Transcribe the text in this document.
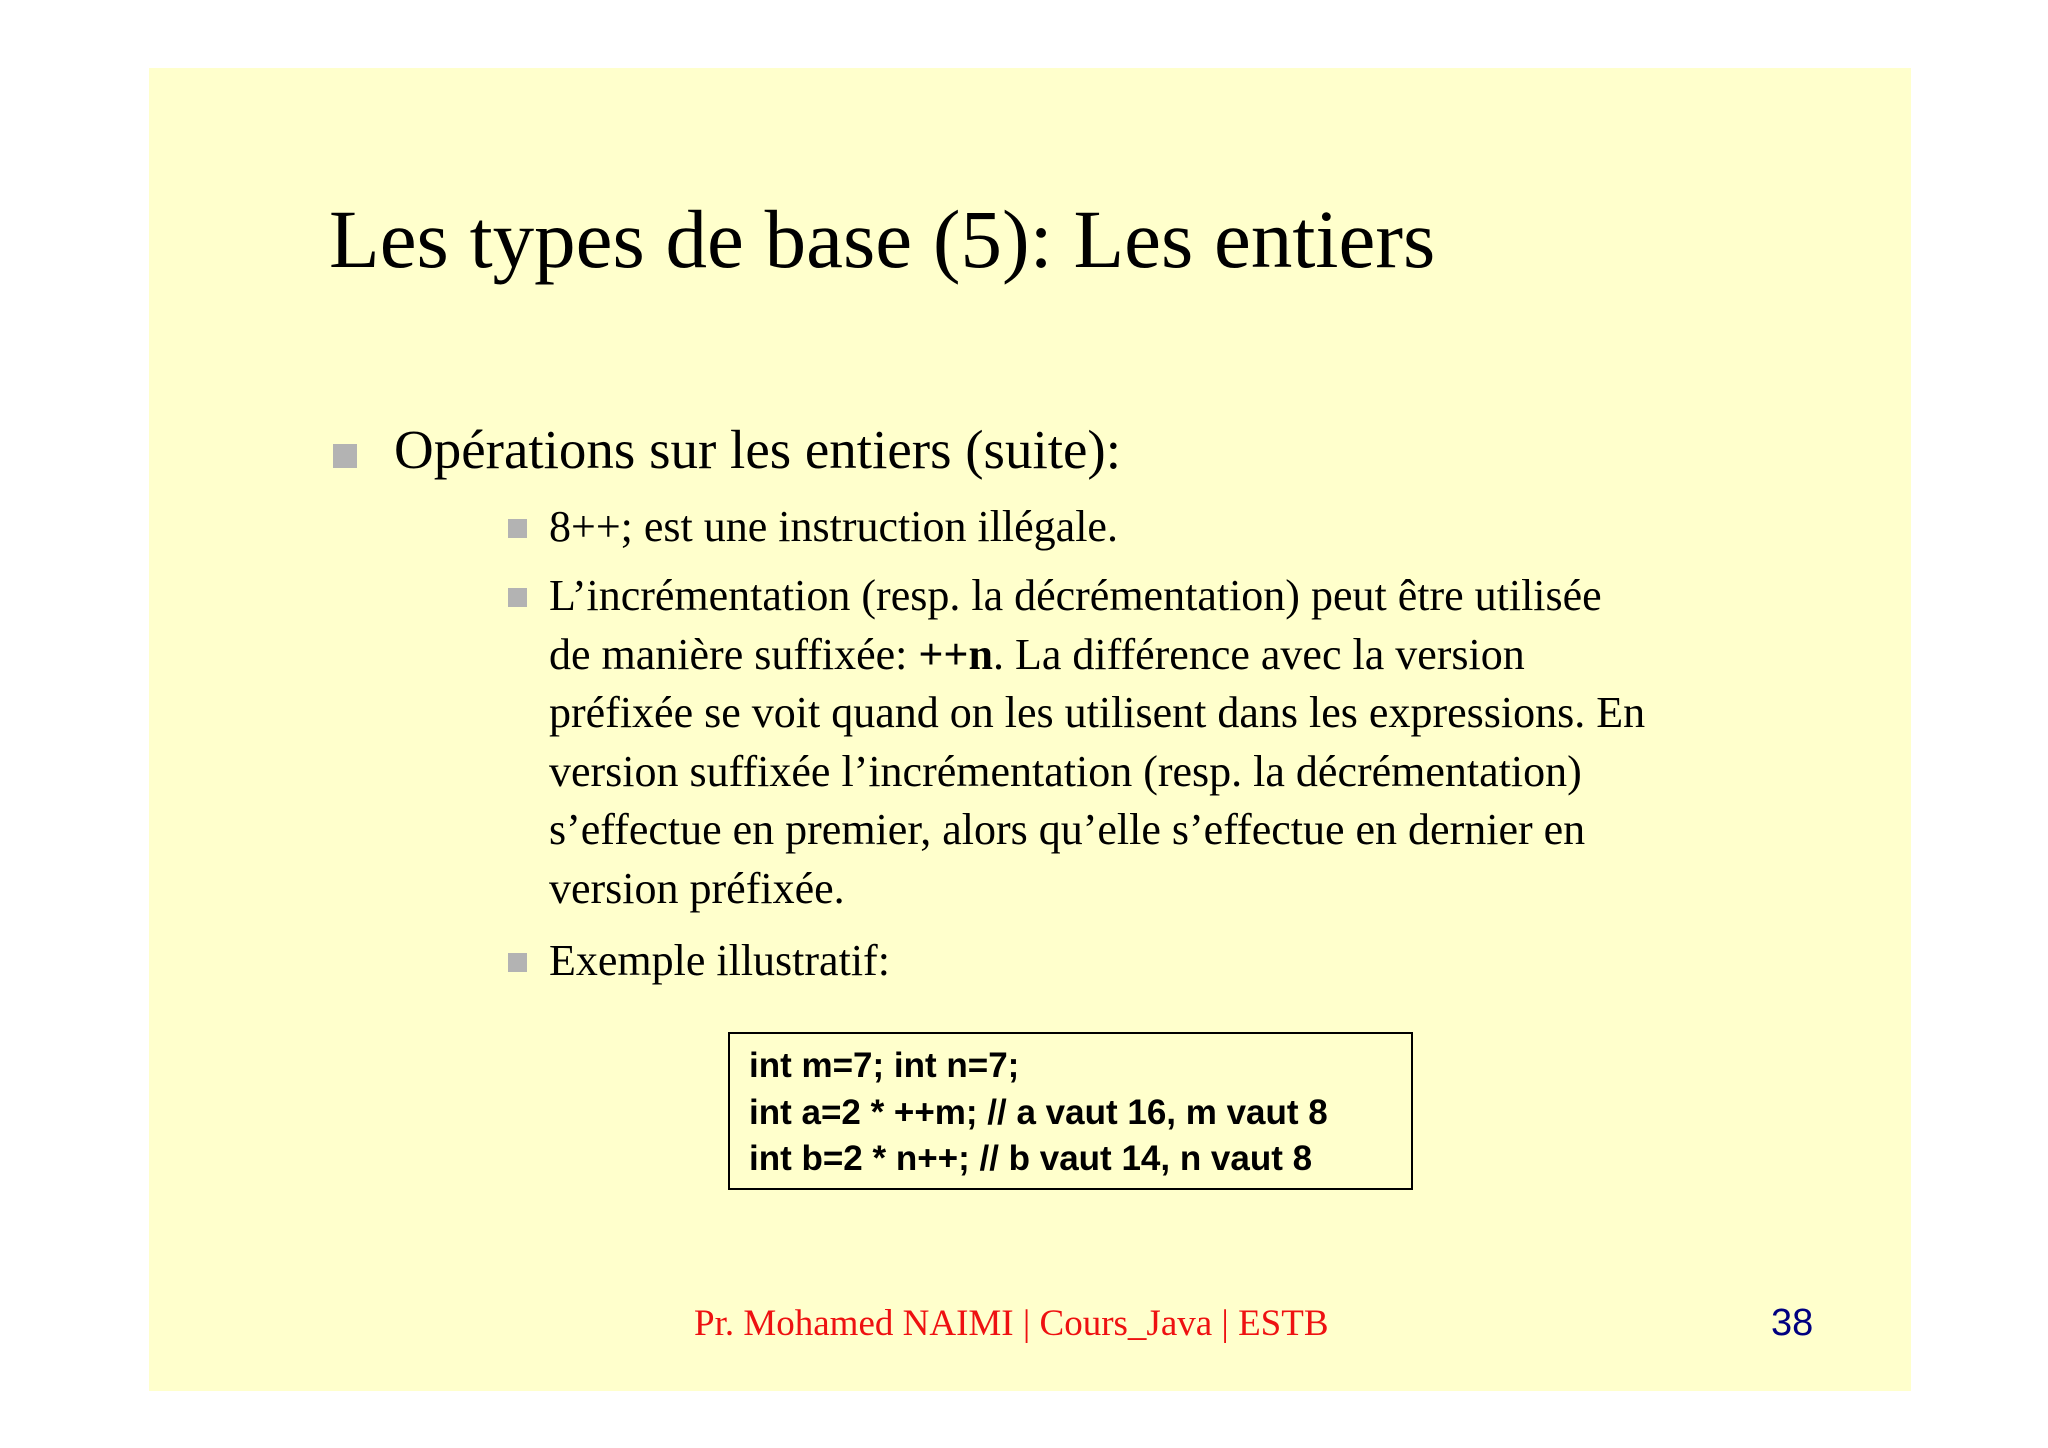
Les types de base (5): Les entiers
Opérations sur les entiers (suite):
8++; est une instruction illégale.
L’incrémentation (resp. la décrémentation) peut être utilisée
de manière suffixée: ++n. La différence avec la version
préfixée se voit quand on les utilisent dans les expressions. En
version suffixée l’incrémentation (resp. la décrémentation)
s’effectue en premier, alors qu’elle s’effectue en dernier en
version préfixée.
Exemple illustratif:
int m=7; int n=7;
int a=2 * ++m; // a vaut 16, m vaut 8
int b=2 * n++; // b vaut 14, n vaut 8
Pr. Mohamed NAIMI | Cours_Java | ESTB	38
